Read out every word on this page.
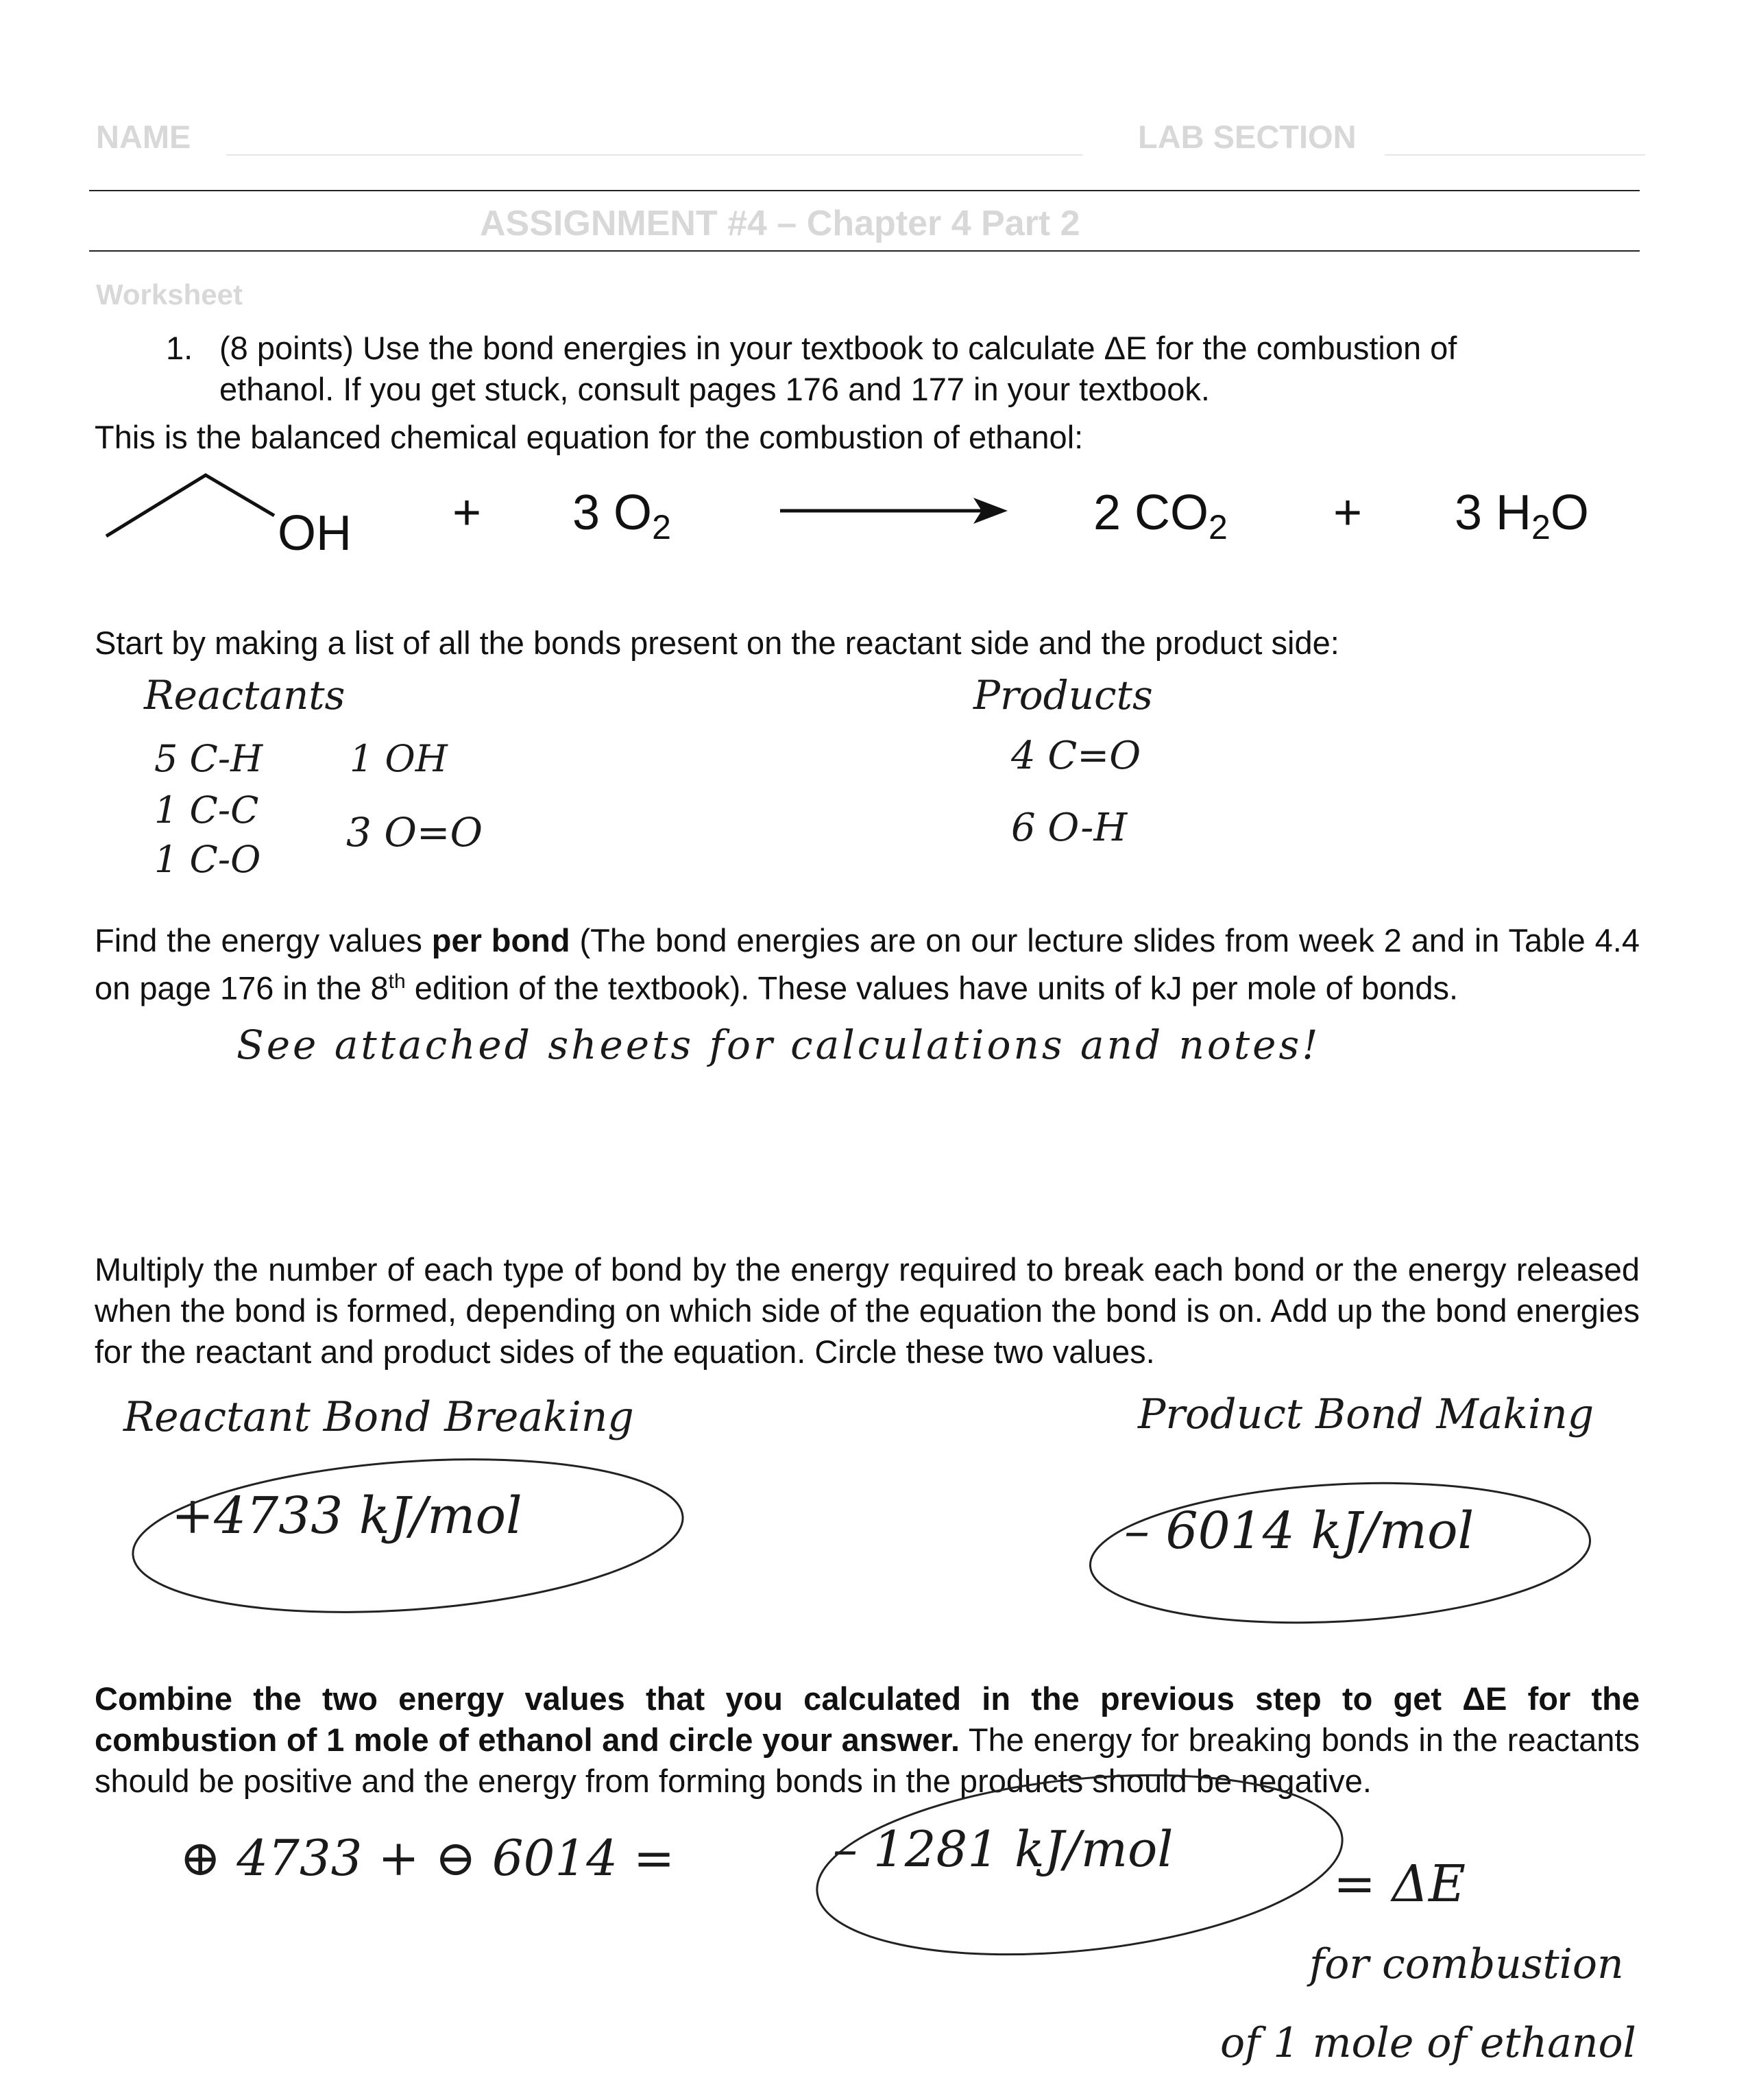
NAME	LAB SECTION
ASSIGNMENT #4 – Chapter 4 Part 2
Worksheet
1. (8 points) Use the bond energies in your textbook to calculate ΔE for the combustion of
ethanol. If you get stuck, consult pages 176 and 177 in your textbook.
This is the balanced chemical equation for the combustion of ethanol:
OH + 3 $O_2$	2 $CO_2 + 3$ $H_2O$
Start by making a list of all the bonds present on the reactant side and the product side:
Reactants
5 C-H
1 C-C
1 C-O
1 OH
3 O=O
Products
4 C=O
6 O-H
Find the energy values per bond (The bond energies are on our lecture slides from week 2 and in Table 4.4 on page 176 in the 8th edition of the textbook). These values have units of kJ per mole of bonds.
See attached sheets for calculations and notes!
Multiply the number of each type of bond by the energy required to break each bond or the energy released when the bond is formed, depending on which side of the equation the bond is on. Add up the bond energies for the reactant and product sides of the equation. Circle these two values.
Reactant Bond Breaking
+4733 kJ/mol
Product Bond Making
– 6014 kJ/mol
Combine the two energy values that you calculated in the previous step to get ΔE for the combustion of 1 mole of ethanol and circle your answer. The energy for breaking bonds in the reactants should be positive and the energy from forming bonds in the products should be negative.
⊕ 4733 + ⊖ 6014 =	– 1281 kJ/mol
= ΔE
for combustion
of 1 mole of ethanol
